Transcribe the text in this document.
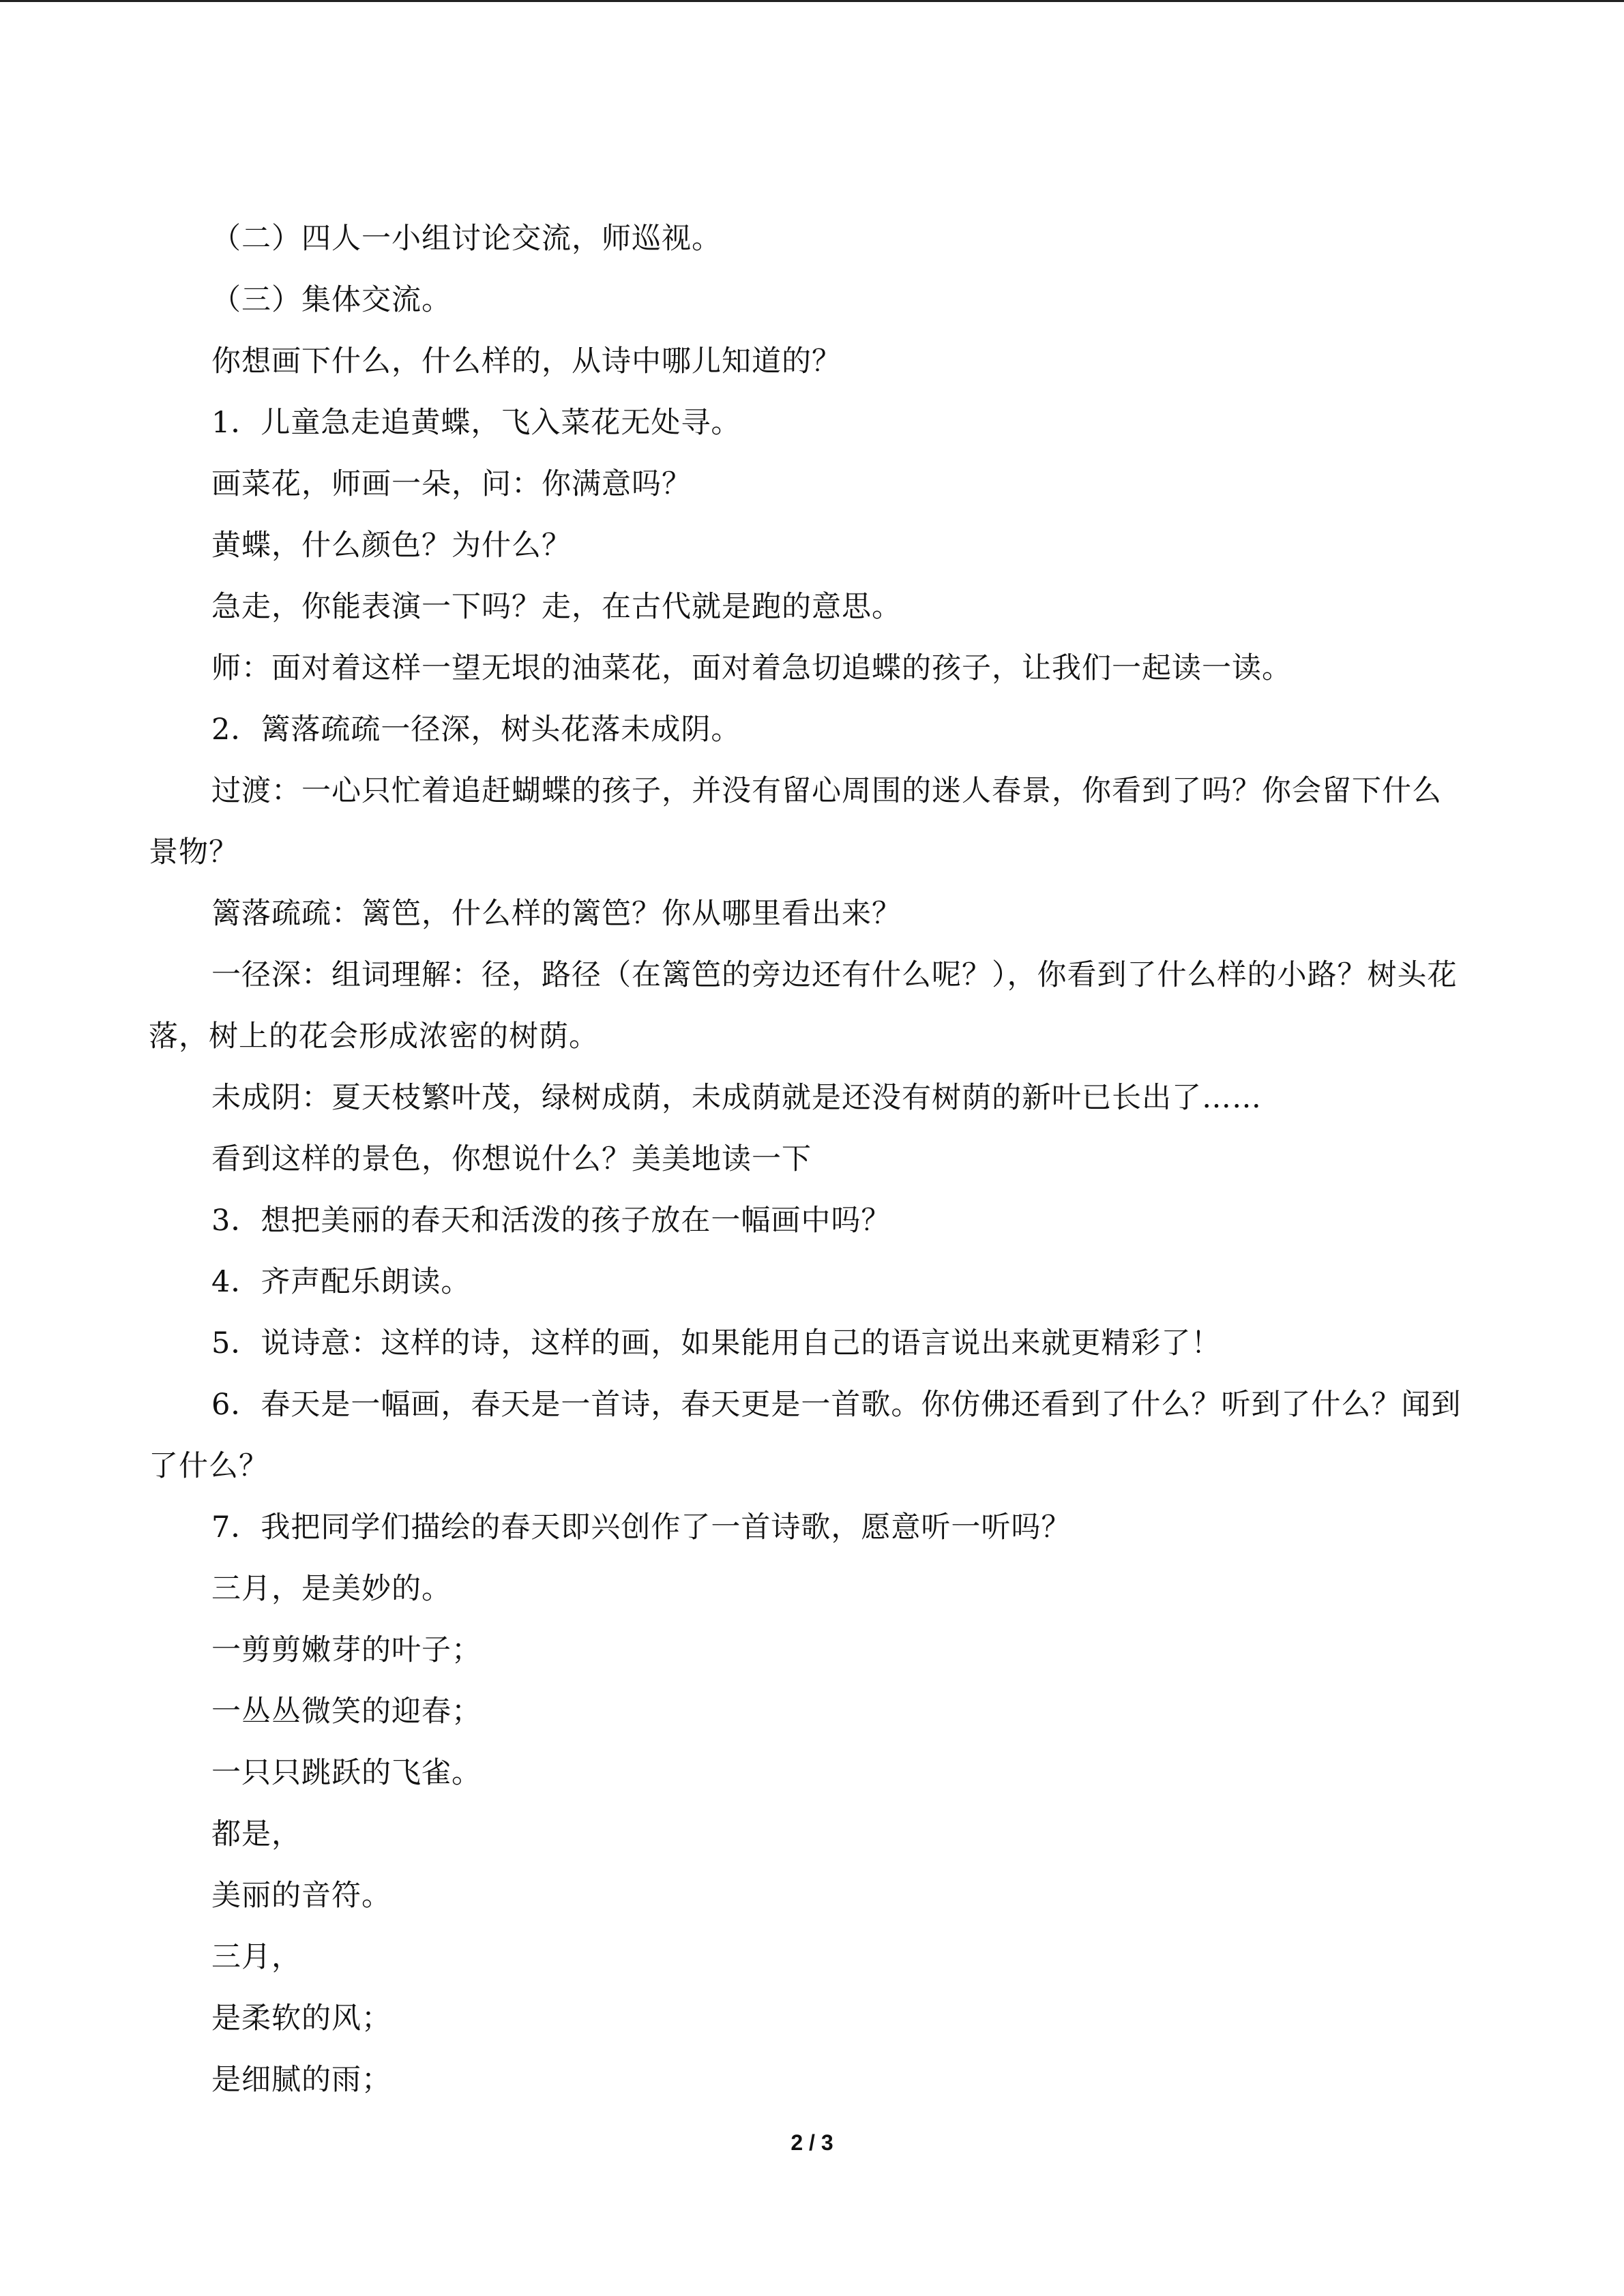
（二）四人一小组讨论交流，师巡视。

（三）集体交流。

你想画下什么，什么样的，从诗中哪儿知道的？

1．儿童急走追黄蝶，飞入菜花无处寻。

画菜花，师画一朵，问：你满意吗？

黄蝶，什么颜色？为什么？

急走，你能表演一下吗？走，在古代就是跑的意思。

师：面对着这样一望无垠的油菜花，面对着急切追蝶的孩子，让我们一起读一读。

2．篱落疏疏一径深，树头花落未成阴。

过渡：一心只忙着追赶蝴蝶的孩子，并没有留心周围的迷人春景，你看到了吗？你会留下什么景物？

篱落疏疏：篱笆，什么样的篱笆？你从哪里看出来？

一径深：组词理解：径，路径（在篱笆的旁边还有什么呢？），你看到了什么样的小路？树头花落，树上的花会形成浓密的树荫。

未成阴：夏天枝繁叶茂，绿树成荫，未成荫就是还没有树荫的新叶已长出了……

看到这样的景色，你想说什么？美美地读一下

3．想把美丽的春天和活泼的孩子放在一幅画中吗？

4．齐声配乐朗读。

5．说诗意：这样的诗，这样的画，如果能用自己的语言说出来就更精彩了！

6．春天是一幅画，春天是一首诗，春天更是一首歌。你仿佛还看到了什么？听到了什么？闻到了什么？

7．我把同学们描绘的春天即兴创作了一首诗歌，愿意听一听吗？

三月，是美妙的。

一剪剪嫩芽的叶子；

一丛丛微笑的迎春；

一只只跳跃的飞雀。

都是，

美丽的音符。

三月，

是柔软的风；

是细腻的雨；

2 / 3
